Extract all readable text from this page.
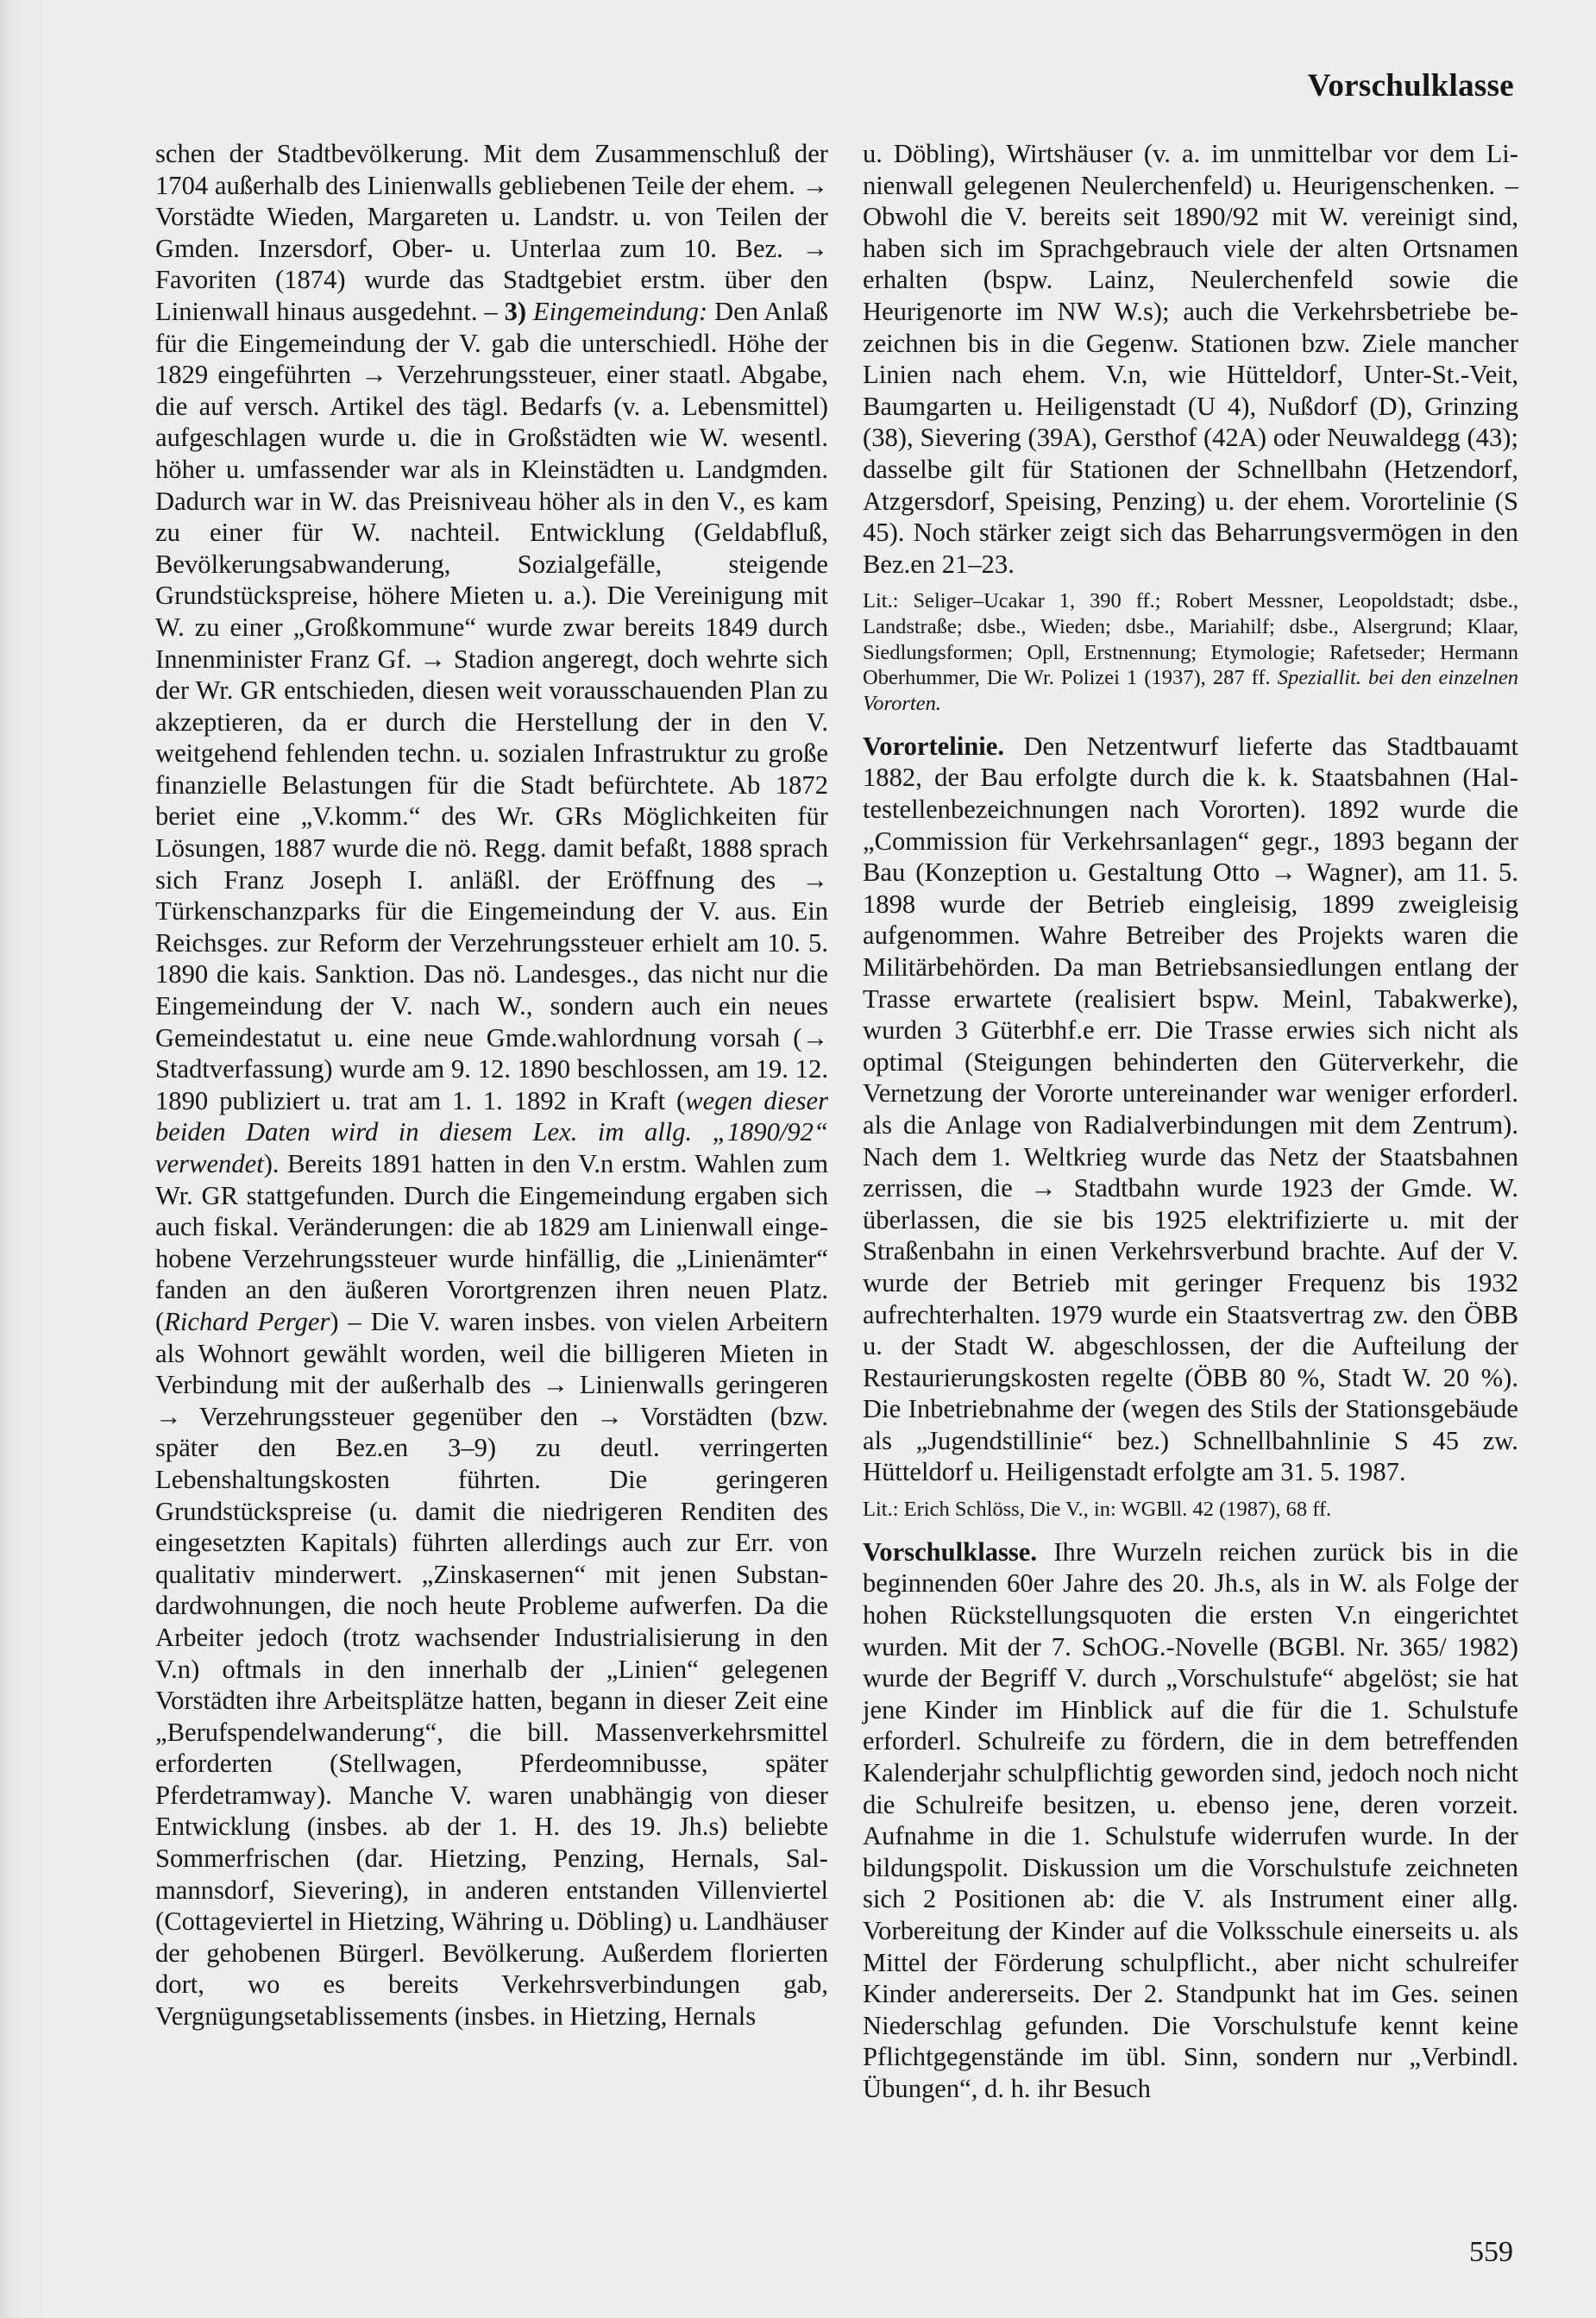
Vorschulklasse

schen der Stadtbevölkerung. Mit dem Zusammenschluß der 1704 außerhalb des Linienwalls gebliebenen Teile der ehem. → Vorstädte Wieden, Margareten u. Landstr. u. von Teilen der Gmden. Inzersdorf, Ober- u. Unterlaa zum 10. Bez. → Favoriten (1874) wurde das Stadtgebiet erstm. über den Linienwall hinaus ausgedehnt. – 3) Eingemeindung: Den Anlaß für die Eingemeindung der V. gab die unterschiedl. Höhe der 1829 eingeführten → Verzehrungssteuer, einer staatl. Abgabe, die auf versch. Artikel des tägl. Bedarfs (v. a. Lebensmittel) aufgeschlagen wurde u. die in Großstädten wie W. wesentl. höher u. umfassender war als in Kleinstädten u. Landgmden. Dadurch war in W. das Preisniveau höher als in den V., es kam zu einer für W. nachteil. Entwicklung (Geldabfluß, Bevölkerungsabwanderung, Sozialgefälle, steigende Grundstückspreise, höhere Mieten u. a.). Die Vereinigung mit W. zu einer „Großkommune“ wurde zwar bereits 1849 durch Innenminister Franz Gf. → Stadion angeregt, doch wehrte sich der Wr. GR entschieden, diesen weit vorausschauenden Plan zu akzeptieren, da er durch die Herstellung der in den V. weitgehend fehlenden techn. u. sozialen Infrastruktur zu große finanzielle Belastungen für die Stadt befürchtete. Ab 1872 beriet eine „V.komm.“ des Wr. GRs Möglichkeiten für Lösungen, 1887 wurde die nö. Regg. damit befaßt, 1888 sprach sich Franz Joseph I. anläßl. der Eröffnung des → Türkenschanzparks für die Eingemeindung der V. aus. Ein Reichsges. zur Reform der Verzehrungssteuer erhielt am 10. 5. 1890 die kais. Sanktion. Das nö. Landesges., das nicht nur die Eingemeindung der V. nach W., sondern auch ein neues Gemeindestatut u. eine neue Gmde.wahlordnung vorsah (→ Stadtverfassung) wurde am 9. 12. 1890 beschlossen, am 19. 12. 1890 publiziert u. trat am 1. 1. 1892 in Kraft (wegen dieser beiden Daten wird in diesem Lex. im allg. „1890/92“ verwendet). Bereits 1891 hatten in den V.n erstm. Wahlen zum Wr. GR stattgefunden. Durch die Eingemeindung ergaben sich auch fiskal. Veränderungen: die ab 1829 am Linienwall eingehobene Verzehrungssteuer wurde hinfällig, die „Linienämter“ fanden an den äußeren Vorortgrenzen ihren neuen Platz. (Richard Perger) – Die V. waren insbes. von vielen Arbeitern als Wohnort gewählt worden, weil die billigeren Mieten in Verbindung mit der außerhalb des → Linienwalls geringeren → Verzehrungssteuer gegenüber den → Vorstädten (bzw. später den Bez.en 3–9) zu deutl. verringerten Lebenshaltungskosten führten. Die geringeren Grundstückspreise (u. damit die niedrigeren Renditen des eingesetzten Kapitals) führten allerdings auch zur Err. von qualitativ minderwert. „Zinskasernen“ mit jenen Substandardwohnungen, die noch heute Probleme aufwerfen. Da die Arbeiter jedoch (trotz wachsender Industrialisierung in den V.n) oftmals in den innerhalb der „Linien“ gelegenen Vorstädten ihre Arbeitsplätze hatten, begann in dieser Zeit eine „Berufspendelwanderung“, die bill. Massenverkehrsmittel erforderten (Stellwagen, Pferdeomnibusse, später Pferdetramway). Manche V. waren unabhängig von dieser Entwicklung (insbes. ab der 1. H. des 19. Jh.s) beliebte Sommerfrischen (dar. Hietzing, Penzing, Hernals, Salmannsdorf, Sievering), in anderen entstanden Villenviertel (Cottageviertel in Hietzing, Währing u. Döbling) u. Landhäuser der gehobenen Bürgerl. Bevölkerung. Außerdem florierten dort, wo es bereits Verkehrsverbindungen gab, Vergnügungsetablissements (insbes. in Hietzing, Hernals

u. Döbling), Wirtshäuser (v. a. im unmittelbar vor dem Linienwall gelegenen Neulerchenfeld) u. Heurigenschenken. – Obwohl die V. bereits seit 1890/92 mit W. vereinigt sind, haben sich im Sprachgebrauch viele der alten Ortsnamen erhalten (bspw. Lainz, Neulerchenfeld sowie die Heurigenorte im NW W.s); auch die Verkehrsbetriebe bezeichnen bis in die Gegenw. Stationen bzw. Ziele mancher Linien nach ehem. V.n, wie Hütteldorf, Unter-St.-Veit, Baumgarten u. Heiligenstadt (U 4), Nußdorf (D), Grinzing (38), Sievering (39A), Gersthof (42A) oder Neuwaldegg (43); dasselbe gilt für Stationen der Schnellbahn (Hetzendorf, Atzgersdorf, Speising, Penzing) u. der ehem. Vorortelinie (S 45). Noch stärker zeigt sich das Beharrungsvermögen in den Bez.en 21–23.

Lit.: Seliger–Ucakar 1, 390 ff.; Robert Messner, Leopoldstadt; dsbe., Landstraße; dsbe., Wieden; dsbe., Mariahilf; dsbe., Alsergrund; Klaar, Siedlungsformen; Opll, Erstnennung; Etymologie; Rafetseder; Hermann Oberhummer, Die Wr. Polizei 1 (1937), 287 ff. Speziallit. bei den einzelnen Vororten.

Vorortelinie. Den Netzentwurf lieferte das Stadtbauamt 1882, der Bau erfolgte durch die k. k. Staatsbahnen (Haltestellenbezeichnungen nach Vororten). 1892 wurde die „Commission für Verkehrsanlagen“ gegr., 1893 begann der Bau (Konzeption u. Gestaltung Otto → Wagner), am 11. 5. 1898 wurde der Betrieb eingleisig, 1899 zweigleisig aufgenommen. Wahre Betreiber des Projekts waren die Militärbehörden. Da man Betriebsansiedlungen entlang der Trasse erwartete (realisiert bspw. Meinl, Tabakwerke), wurden 3 Güterbhf.e err. Die Trasse erwies sich nicht als optimal (Steigungen behinderten den Güterverkehr, die Vernetzung der Vororte untereinander war weniger erforderl. als die Anlage von Radialverbindungen mit dem Zentrum). Nach dem 1. Weltkrieg wurde das Netz der Staatsbahnen zerrissen, die → Stadtbahn wurde 1923 der Gmde. W. überlassen, die sie bis 1925 elektrifizierte u. mit der Straßenbahn in einen Verkehrsverbund brachte. Auf der V. wurde der Betrieb mit geringer Frequenz bis 1932 aufrechterhalten. 1979 wurde ein Staatsvertrag zw. den ÖBB u. der Stadt W. abgeschlossen, der die Aufteilung der Restaurierungskosten regelte (ÖBB 80 %, Stadt W. 20 %). Die Inbetriebnahme der (wegen des Stils der Stationsgebäude als „Jugendstillinie“ bez.) Schnellbahnlinie S 45 zw. Hütteldorf u. Heiligenstadt erfolgte am 31. 5. 1987.

Lit.: Erich Schlöss, Die V., in: WGBll. 42 (1987), 68 ff.

Vorschulklasse. Ihre Wurzeln reichen zurück bis in die beginnenden 60er Jahre des 20. Jh.s, als in W. als Folge der hohen Rückstellungsquoten die ersten V.n eingerichtet wurden. Mit der 7. SchOG.-Novelle (BGBl. Nr. 365/ 1982) wurde der Begriff V. durch „Vorschulstufe“ abgelöst; sie hat jene Kinder im Hinblick auf die für die 1. Schulstufe erforderl. Schulreife zu fördern, die in dem betreffenden Kalenderjahr schulpflichtig geworden sind, jedoch noch nicht die Schulreife besitzen, u. ebenso jene, deren vorzeit. Aufnahme in die 1. Schulstufe widerrufen wurde. In der bildungspolit. Diskussion um die Vorschulstufe zeichneten sich 2 Positionen ab: die V. als Instrument einer allg. Vorbereitung der Kinder auf die Volksschule einerseits u. als Mittel der Förderung schulpflicht., aber nicht schulreifer Kinder andererseits. Der 2. Standpunkt hat im Ges. seinen Niederschlag gefunden. Die Vorschulstufe kennt keine Pflichtgegenstände im übl. Sinn, sondern nur „Verbindl. Übungen“, d. h. ihr Besuch

559
